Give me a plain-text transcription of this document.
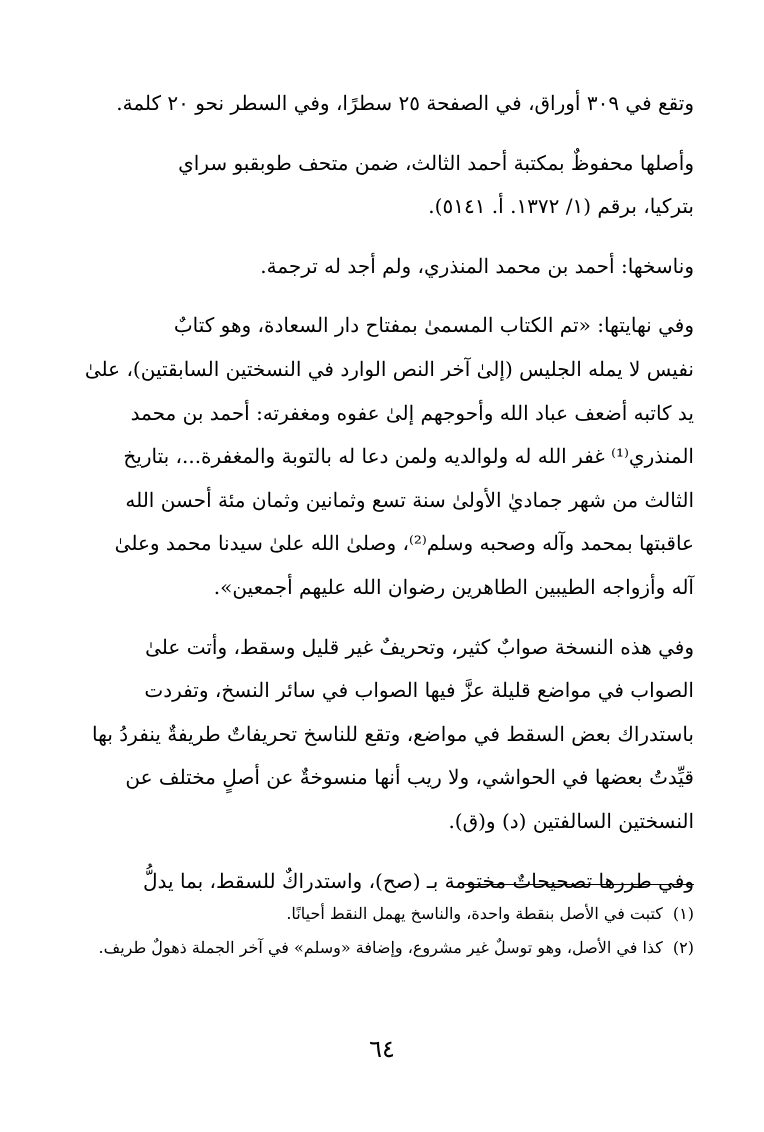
وتقع في ٣٠٩ أوراق، في الصفحة ٢٥ سطرًا، وفي السطر نحو ٢٠ كلمة.

وأصلها محفوظٌ بمكتبة أحمد الثالث، ضمن متحف طوبقبو سراي

بتركيا، برقم (١/ ١٣٧٢. أ. ٥١٤١).

وناسخها: أحمد بن محمد المنذري، ولم أجد له ترجمة.

وفي نهايتها: «تم الكتاب المسمىٰ بمفتاح دار السعادة، وهو كتابٌ

نفيس لا يمله الجليس (إلىٰ آخر النص الوارد في النسختين السابقتين)، علىٰ

يد كاتبه أضعف عباد الله وأحوجهم إلىٰ عفوه ومغفرته: أحمد بن محمد

المنذري⁽¹⁾ غفر الله له ولوالديه ولمن دعا له بالتوبة والمغفرة...، بتاريخ

الثالث من شهر جماديٰ الأولىٰ سنة تسع وثمانين وثمان مئة أحسن الله

عاقبتها بمحمد وآله وصحبه وسلم⁽²⁾، وصلىٰ الله علىٰ سيدنا محمد وعلىٰ

آله وأزواجه الطيبين الطاهرين رضوان الله عليهم أجمعين».

وفي هذه النسخة صوابٌ كثير، وتحريفٌ غير قليل وسقط، وأتت علىٰ

الصواب في مواضع قليلة عزَّ فيها الصواب في سائر النسخ، وتفردت

باستدراك بعض السقط في مواضع، وتقع للناسخ تحريفاتٌ طريفةٌ ينفردُ بها

قيِّدتُ بعضها في الحواشي، ولا ريب أنها منسوخةٌ عن أصلٍ مختلف عن

النسختين السالفتين (د) و(ق).

وفي طررها تصحيحاتٌ مختومة بـ (صح)، واستدراكٌ للسقط، بما يدلُّ

(١)
كتبت في الأصل بنقطة واحدة، والناسخ يهمل النقط أحيانًا.
(٢)
كذا في الأصل، وهو توسلٌ غير مشروع، وإضافة «وسلم» في آخر الجملة ذهولٌ طريف.
٦٤
